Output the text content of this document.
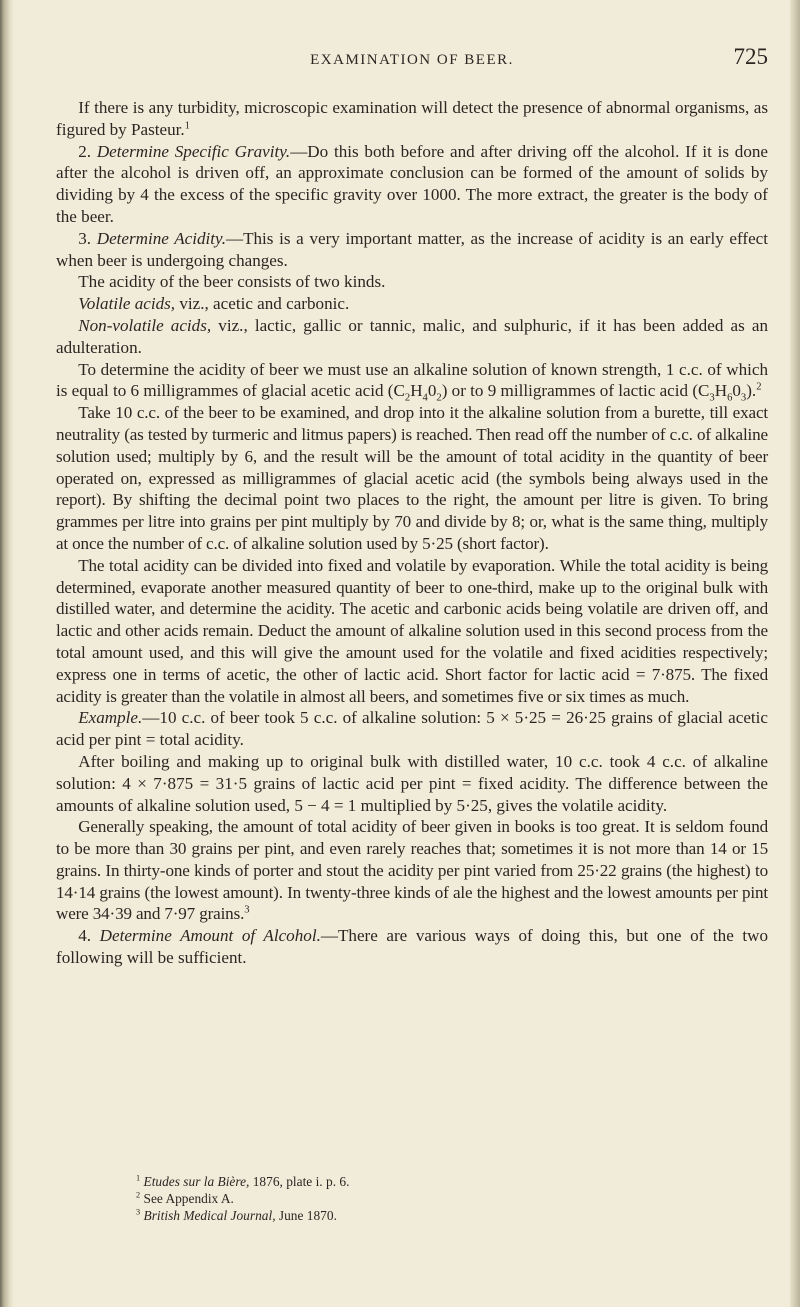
EXAMINATION OF BEER.	725

If there is any turbidity, microscopic examination will detect the presence of abnormal organisms, as figured by Pasteur.$^1$

2. Determine Specific Gravity.—Do this both before and after driving off the alcohol. If it is done after the alcohol is driven off, an approximate conclusion can be formed of the amount of solids by dividing by 4 the excess of the specific gravity over 1000. The more extract, the greater is the body of the beer.

3. Determine Acidity.—This is a very important matter, as the increase of acidity is an early effect when beer is undergoing changes.

The acidity of the beer consists of two kinds.

Volatile acids, viz., acetic and carbonic.

Non-volatile acids, viz., lactic, gallic or tannic, malic, and sulphuric, if it has been added as an adulteration.

To determine the acidity of beer we must use an alkaline solution of known strength, 1 c.c. of which is equal to 6 milligrammes of glacial acetic acid $(C_2H_40_2)$ or to 9 milligrammes of lactic acid $(C_3H_60_3).^2$

Take 10 c.c. of the beer to be examined, and drop into it the alkaline solution from a burette, till exact neutrality (as tested by turmeric and litmus papers) is reached. Then read off the number of c.c. of alkaline solution used; multiply by 6, and the result will be the amount of total acidity in the quantity of beer operated on, expressed as milligrammes of glacial acetic acid (the symbols being always used in the report). By shifting the decimal point two places to the right, the amount per litre is given. To bring grammes per litre into grains per pint multiply by 70 and divide by 8; or, what is the same thing, multiply at once the number of c.c. of alkaline solution used by 5·25 (short factor).

The total acidity can be divided into fixed and volatile by evaporation. While the total acidity is being determined, evaporate another measured quantity of beer to one-third, make up to the original bulk with distilled water, and determine the acidity. The acetic and carbonic acids being volatile are driven off, and lactic and other acids remain. Deduct the amount of alkaline solution used in this second process from the total amount used, and this will give the amount used for the volatile and fixed acidities respectively; express one in terms of acetic, the other of lactic acid. Short factor for lactic acid = 7·875. The fixed acidity is greater than the volatile in almost all beers, and sometimes five or six times as much.

Example.—10 c.c. of beer took 5 c.c. of alkaline solution: 5 × 5·25 = 26·25 grains of glacial acetic acid per pint = total acidity.

After boiling and making up to original bulk with distilled water, 10 c.c. took 4 c.c. of alkaline solution: 4 × 7·875 = 31·5 grains of lactic acid per pint = fixed acidity. The difference between the amounts of alkaline solution used, 5 − 4 = 1 multiplied by 5·25, gives the volatile acidity.

Generally speaking, the amount of total acidity of beer given in books is too great. It is seldom found to be more than 30 grains per pint, and even rarely reaches that; sometimes it is not more than 14 or 15 grains. In thirty-one kinds of porter and stout the acidity per pint varied from 25·22 grains (the highest) to 14·14 grains (the lowest amount). In twenty-three kinds of ale the highest and the lowest amounts per pint were 34·39 and 7·97 grains.$^3$

4. Determine Amount of Alcohol.—There are various ways of doing this, but one of the two following will be sufficient.

$^1$ Etudes sur la Bière, 1876, plate i. p. 6.

$^2$ See Appendix A.

$^3$ British Medical Journal, June 1870.
